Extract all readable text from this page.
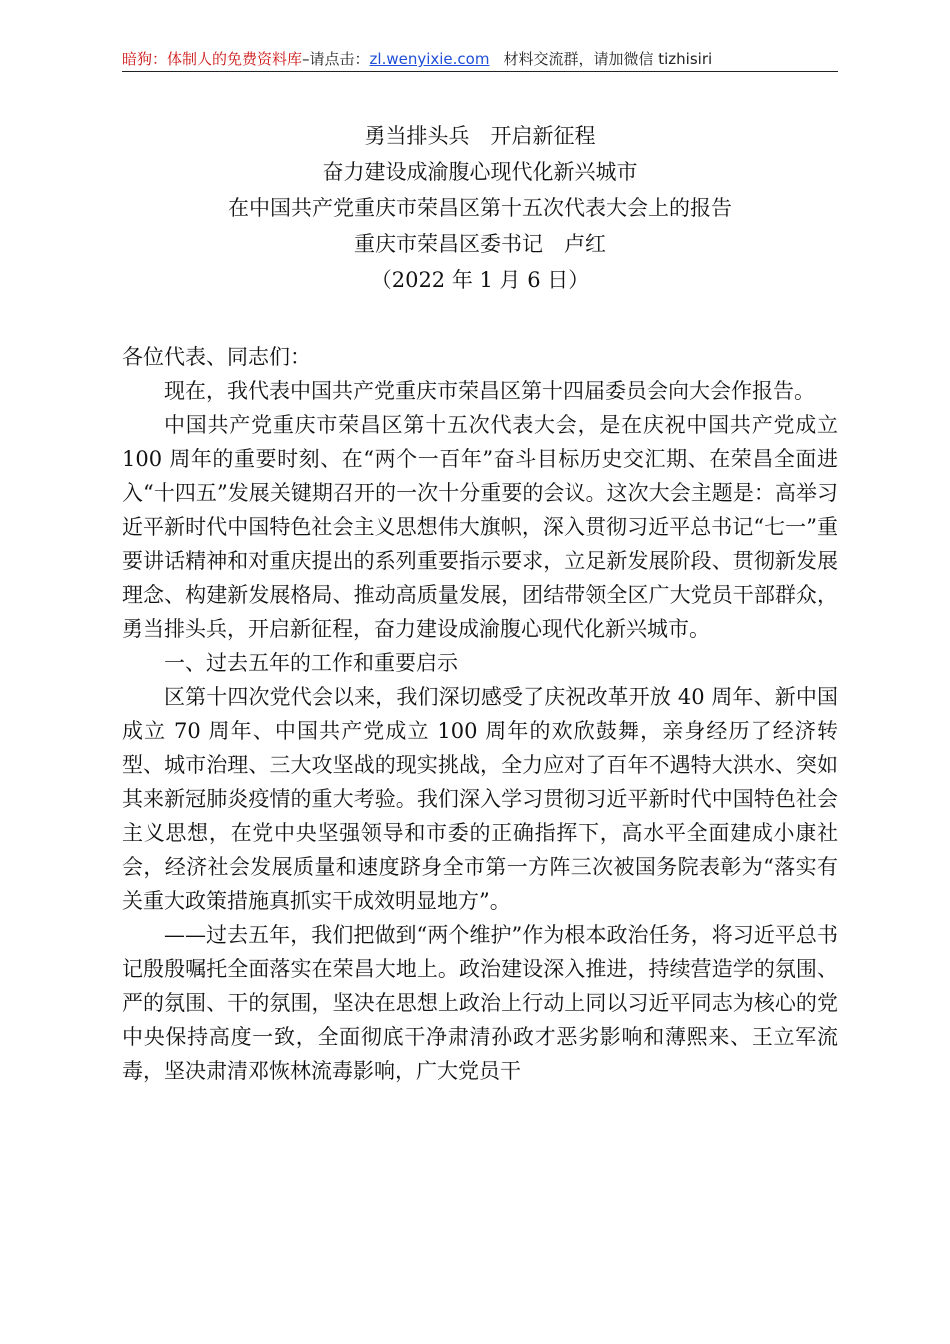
暗狗：体制人的免费资料库–请点击：zl.wenyixie.com 材料交流群，请加微信 tizhisiri
勇当排头兵　开启新征程
奋力建设成渝腹心现代化新兴城市
在中国共产党重庆市荣昌区第十五次代表大会上的报告
重庆市荣昌区委书记　卢红
（2022 年 1 月 6 日）

各位代表、同志们：

现在，我代表中国共产党重庆市荣昌区第十四届委员会向大会作报告。

中国共产党重庆市荣昌区第十五次代表大会，是在庆祝中国共产党成立 100 周年的重要时刻、在“两个一百年”奋斗目标历史交汇期、在荣昌全面进入“十四五”发展关键期召开的一次十分重要的会议。这次大会主题是：高举习近平新时代中国特色社会主义思想伟大旗帜，深入贯彻习近平总书记“七一”重要讲话精神和对重庆提出的系列重要指示要求，立足新发展阶段、贯彻新发展理念、构建新发展格局、推动高质量发展，团结带领全区广大党员干部群众，勇当排头兵，开启新征程，奋力建设成渝腹心现代化新兴城市。

一、过去五年的工作和重要启示

区第十四次党代会以来，我们深切感受了庆祝改革开放 40 周年、新中国成立 70 周年、中国共产党成立 100 周年的欢欣鼓舞，亲身经历了经济转型、城市治理、三大攻坚战的现实挑战，全力应对了百年不遇特大洪水、突如其来新冠肺炎疫情的重大考验。我们深入学习贯彻习近平新时代中国特色社会主义思想，在党中央坚强领导和市委的正确指挥下，高水平全面建成小康社会，经济社会发展质量和速度跻身全市第一方阵三次被国务院表彰为“落实有关重大政策措施真抓实干成效明显地方”。

——过去五年，我们把做到“两个维护”作为根本政治任务，将习近平总书记殷殷嘱托全面落实在荣昌大地上。政治建设深入推进，持续营造学的氛围、严的氛围、干的氛围，坚决在思想上政治上行动上同以习近平同志为核心的党中央保持高度一致，全面彻底干净肃清孙政才恶劣影响和薄熙来、王立军流毒，坚决肃清邓恢林流毒影响，广大党员干
